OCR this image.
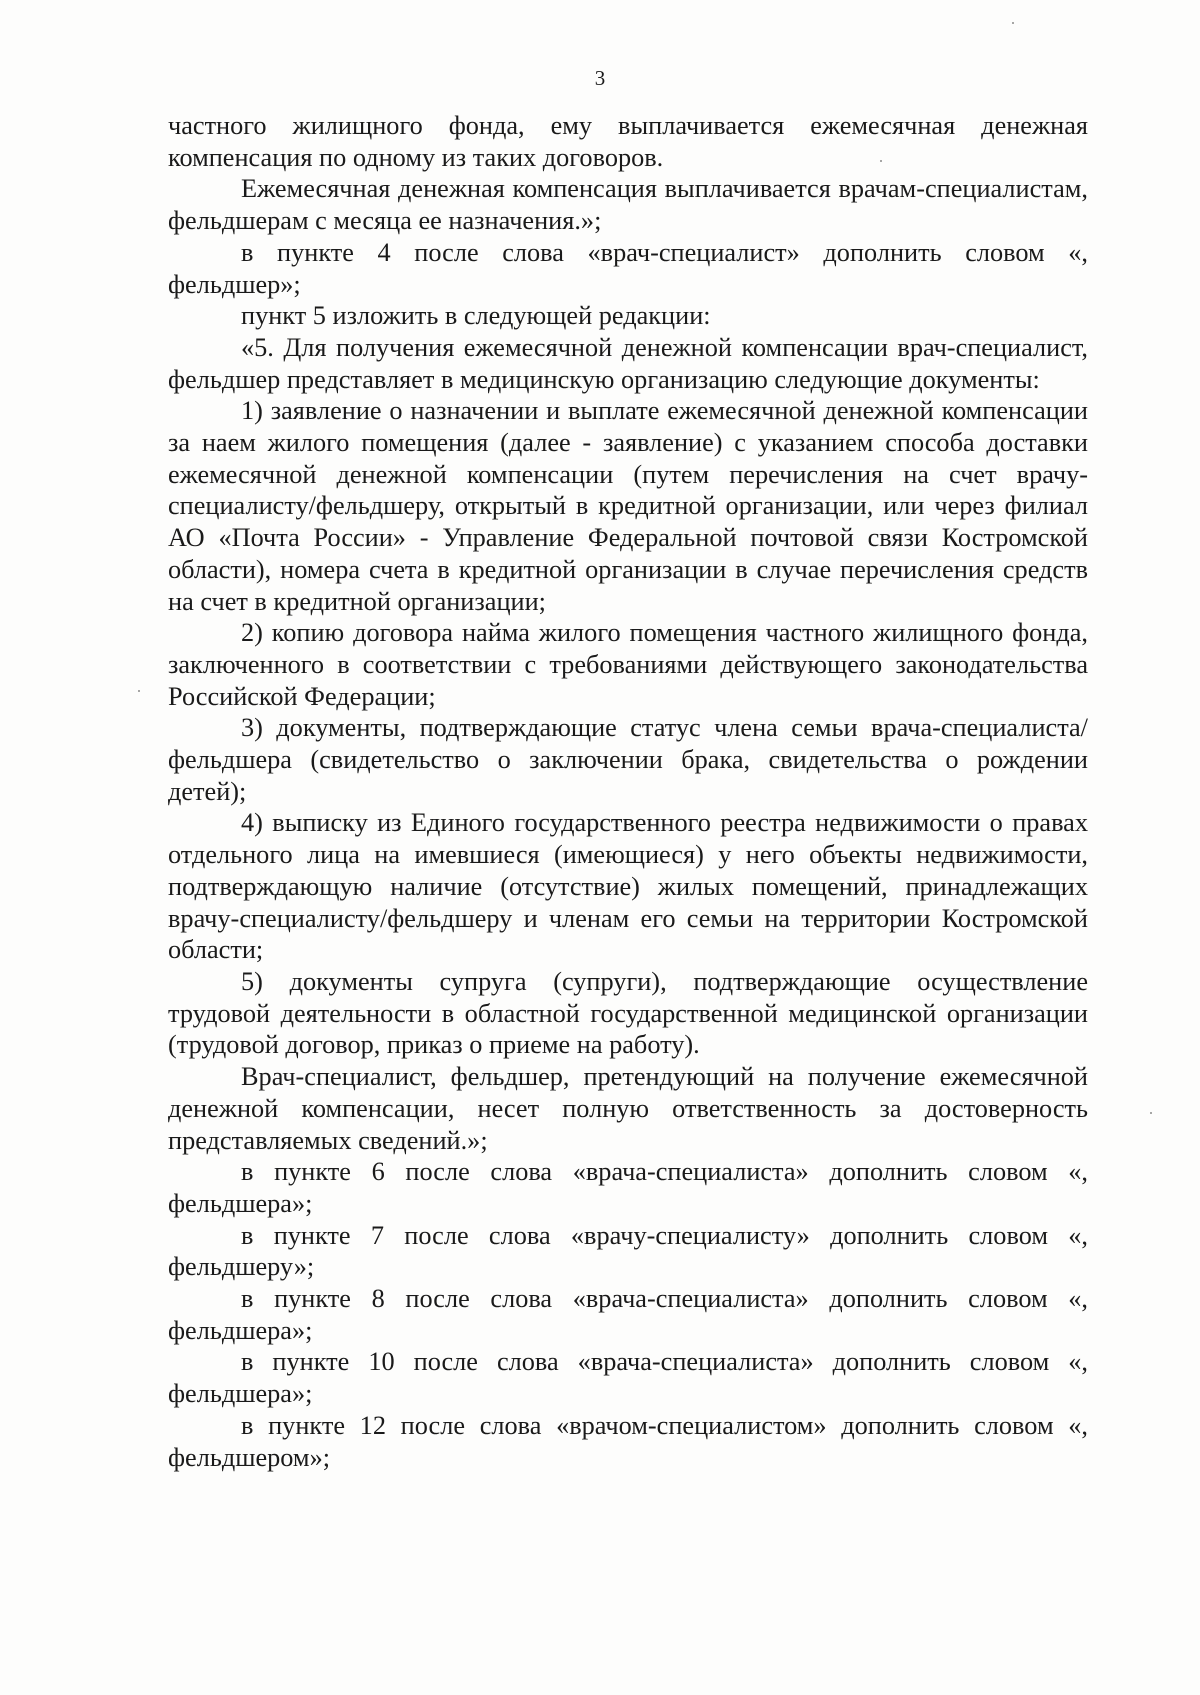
3

частного жилищного фонда, ему выплачивается ежемесячная денежная компенсация по одному из таких договоров.

Ежемесячная денежная компенсация выплачивается врачам-специалистам, фельдшерам с месяца ее назначения.»;

в пункте 4 после слова «врач-специалист» дополнить словом «, фельдшер»;

пункт 5 изложить в следующей редакции:

«5. Для получения ежемесячной денежной компенсации врач-специалист, фельдшер представляет в медицинскую организацию следующие документы:

1) заявление о назначении и выплате ежемесячной денежной компенсации за наем жилого помещения (далее - заявление) с указанием способа доставки ежемесячной денежной компенсации (путем перечисления на счет врачу-специалисту/фельдшеру, открытый в кредитной организации, или через филиал АО «Почта России» - Управление Федеральной почтовой связи Костромской области), номера счета в кредитной организации в случае перечисления средств на счет в кредитной организации;

2) копию договора найма жилого помещения частного жилищного фонда, заключенного в соответствии с требованиями действующего законодательства Российской Федерации;

3) документы, подтверждающие статус члена семьи врача-специалиста/фельдшера (свидетельство о заключении брака, свидетельства о рождении детей);

4) выписку из Единого государственного реестра недвижимости о правах отдельного лица на имевшиеся (имеющиеся) у него объекты недвижимости, подтверждающую наличие (отсутствие) жилых помещений, принадлежащих врачу-специалисту/фельдшеру и членам его семьи на территории Костромской области;

5) документы супруга (супруги), подтверждающие осуществление трудовой деятельности в областной государственной медицинской организации (трудовой договор, приказ о приеме на работу).

Врач-специалист, фельдшер, претендующий на получение ежемесячной денежной компенсации, несет полную ответственность за достоверность представляемых сведений.»;

в пункте 6 после слова «врача-специалиста» дополнить словом «, фельдшера»;

в пункте 7 после слова «врачу-специалисту» дополнить словом «, фельдшеру»;

в пункте 8 после слова «врача-специалиста» дополнить словом «, фельдшера»;

в пункте 10 после слова «врача-специалиста» дополнить словом «, фельдшера»;

в пункте 12 после слова «врачом-специалистом» дополнить словом «, фельдшером»;
